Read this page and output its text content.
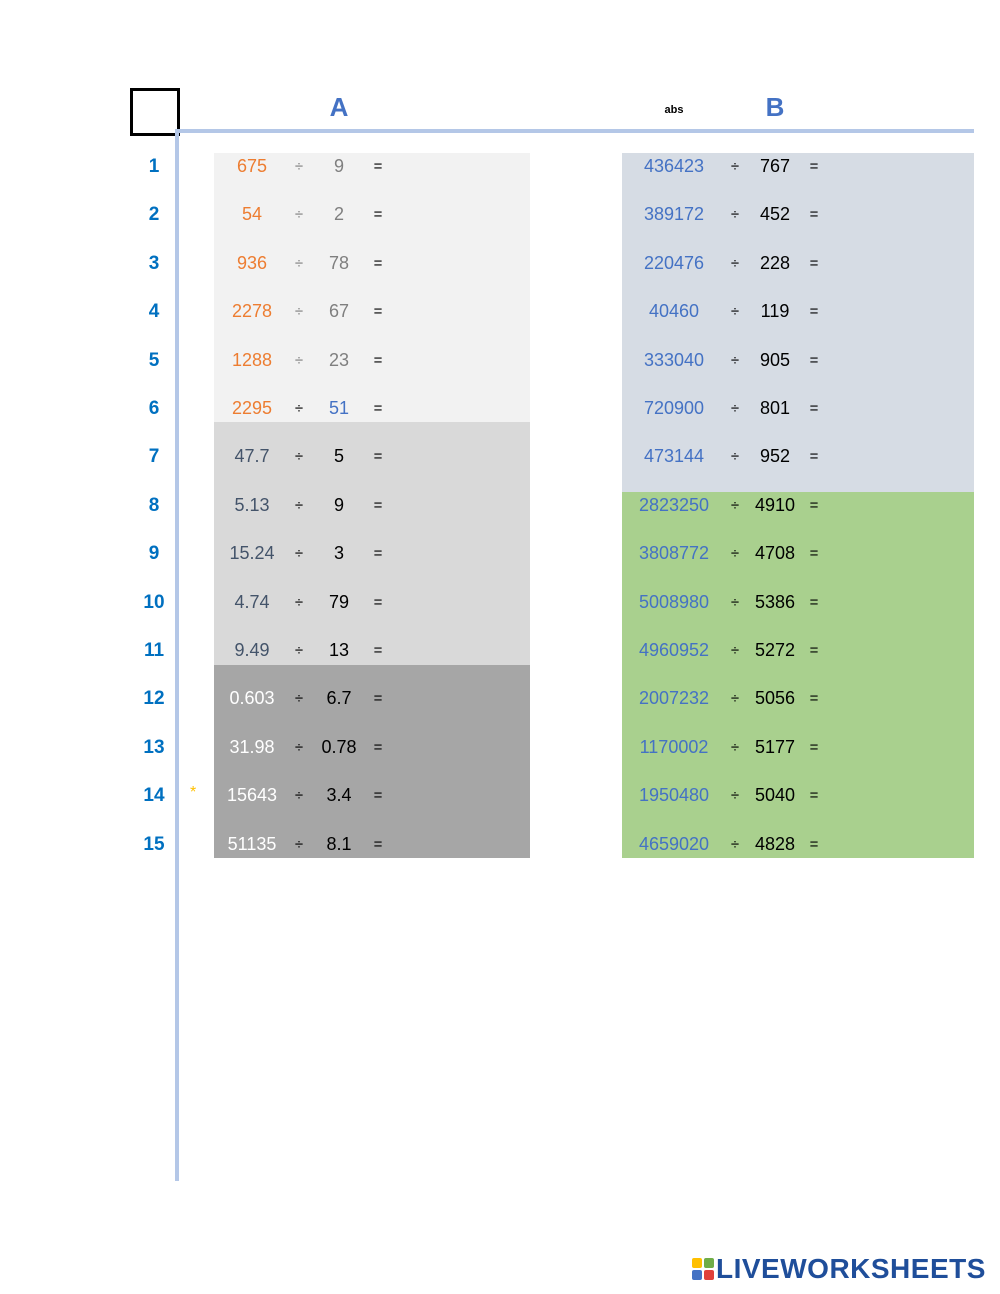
A	abs	B
1	675	÷	9	=	436423	÷	767	=
2	54	÷	2	=	389172	÷	452	=
3	936	÷	78	=	220476	÷	228	=
4	2278	÷	67	=	40460	÷	119	=
5	1288	÷	23	=	333040	÷	905	=
6	2295	÷	51	=	720900	÷	801	=
7	47.7	÷	5	=	473144	÷	952	=
8	5.13	÷	9	=	2823250	÷ 4910 =
9	15.24	÷	3	=	3808772	÷ 4708 =
10	4.74	÷	79	=	5008980	÷ 5386 =
11	9.49	÷	13	=	4960952	÷ 5272 =
12	0.603	÷	6.7	=	2007232	÷ 5056 =
13	31.98	÷	0.78	=	1170002	÷ 5177 =
14	*	15643	÷	3.4	=	1950480	÷ 5040 =
15	51135	÷	8.1	=	4659020	÷ 4828 =
LIVEWORKSHEETS
